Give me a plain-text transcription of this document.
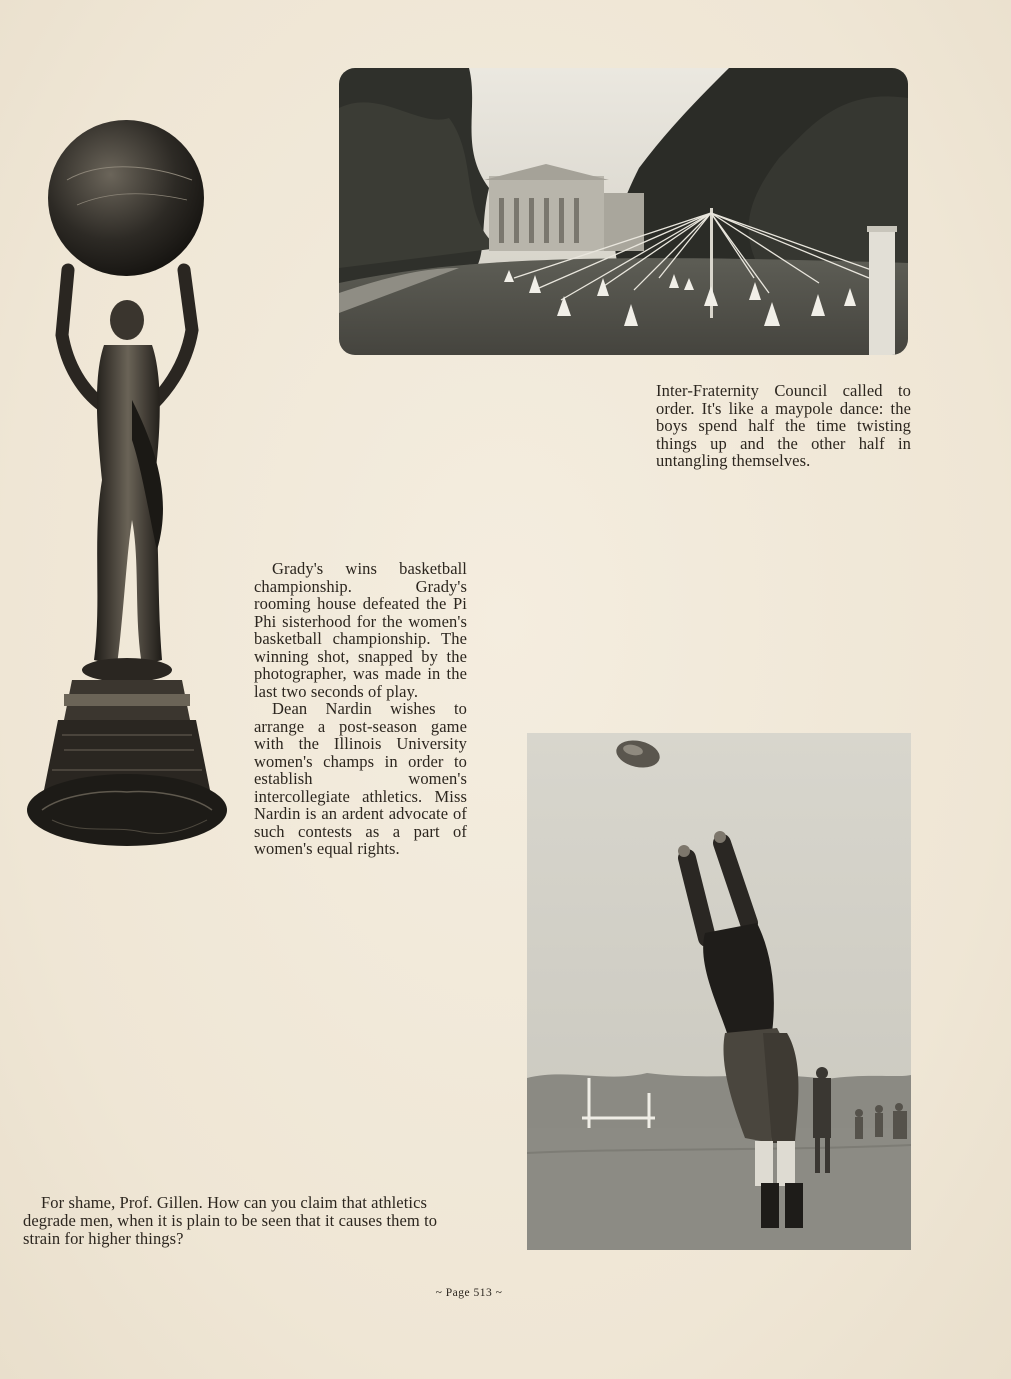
Inter-Fraternity Council called to order. It's like a maypole dance: the boys spend half the time twisting things up and the other half in untangling themselves.

Grady's wins basketball championship. Grady's rooming house defeated the Pi Phi sisterhood for the women's basketball championship. The winning shot, snapped by the photographer, was made in the last two seconds of play.

Dean Nardin wishes to arrange a post-season game with the Illinois University women's champs in order to establish women's intercollegiate athletics. Miss Nardin is an ardent advocate of such contests as a part of women's equal rights.

For shame, Prof. Gillen. How can you claim that athletics degrade men, when it is plain to be seen that it causes them to strain for higher things?
~ Page 513 ~
